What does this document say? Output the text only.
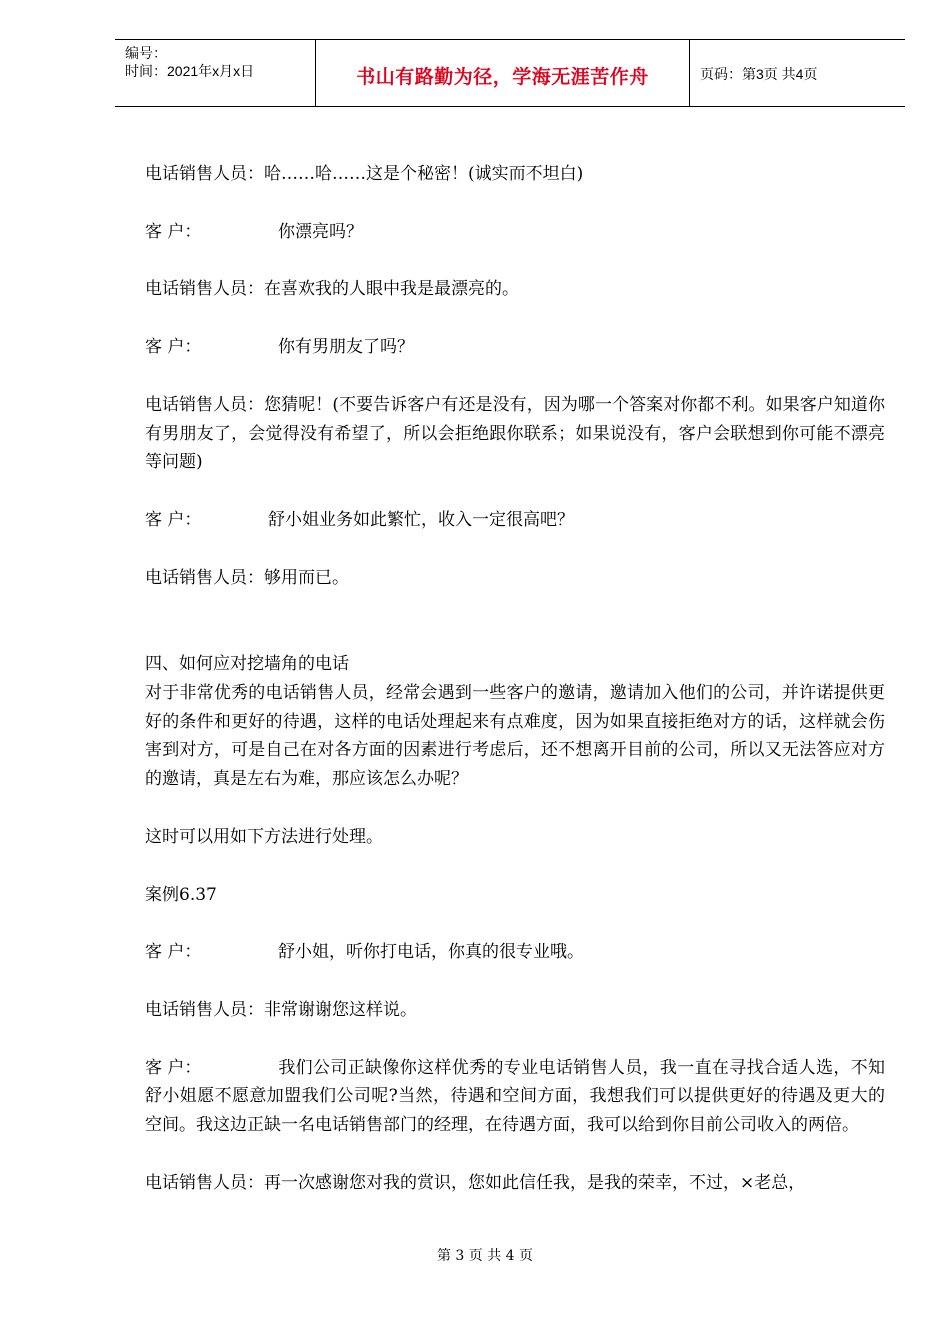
编号：
时间：2021年x月x日	书山有路勤为径，学海无涯苦作舟	页码：第3页 共4页

电话销售人员：哈……哈……这是个秘密！(诚实而不坦白)

客 户：	你漂亮吗？

电话销售人员：在喜欢我的人眼中我是最漂亮的。

客 户：	你有男朋友了吗？

电话销售人员：您猜呢！(不要告诉客户有还是没有，因为哪一个答案对你都不利。如果客户知道你有男朋友了，会觉得没有希望了，所以会拒绝跟你联系；如果说没有，客户会联想到你可能不漂亮等问题)

客 户：	舒小姐业务如此繁忙，收入一定很高吧？

电话销售人员：够用而已。

四、如何应对挖墙角的电话

对于非常优秀的电话销售人员，经常会遇到一些客户的邀请，邀请加入他们的公司，并许诺提供更好的条件和更好的待遇，这样的电话处理起来有点难度，因为如果直接拒绝对方的话，这样就会伤害到对方，可是自己在对各方面的因素进行考虑后，还不想离开目前的公司，所以又无法答应对方的邀请，真是左右为难，那应该怎么办呢？

这时可以用如下方法进行处理。

案例6.37

客 户：	舒小姐，听你打电话，你真的很专业哦。

电话销售人员：非常谢谢您这样说。

客 户：	我们公司正缺像你这样优秀的专业电话销售人员，我一直在寻找合适人选，不知舒小姐愿不愿意加盟我们公司呢?当然，待遇和空间方面，我想我们可以提供更好的待遇及更大的空间。我这边正缺一名电话销售部门的经理，在待遇方面，我可以给到你目前公司收入的两倍。

电话销售人员：再一次感谢您对我的赏识，您如此信任我，是我的荣幸，不过，×老总，

第 3 页 共 4 页
